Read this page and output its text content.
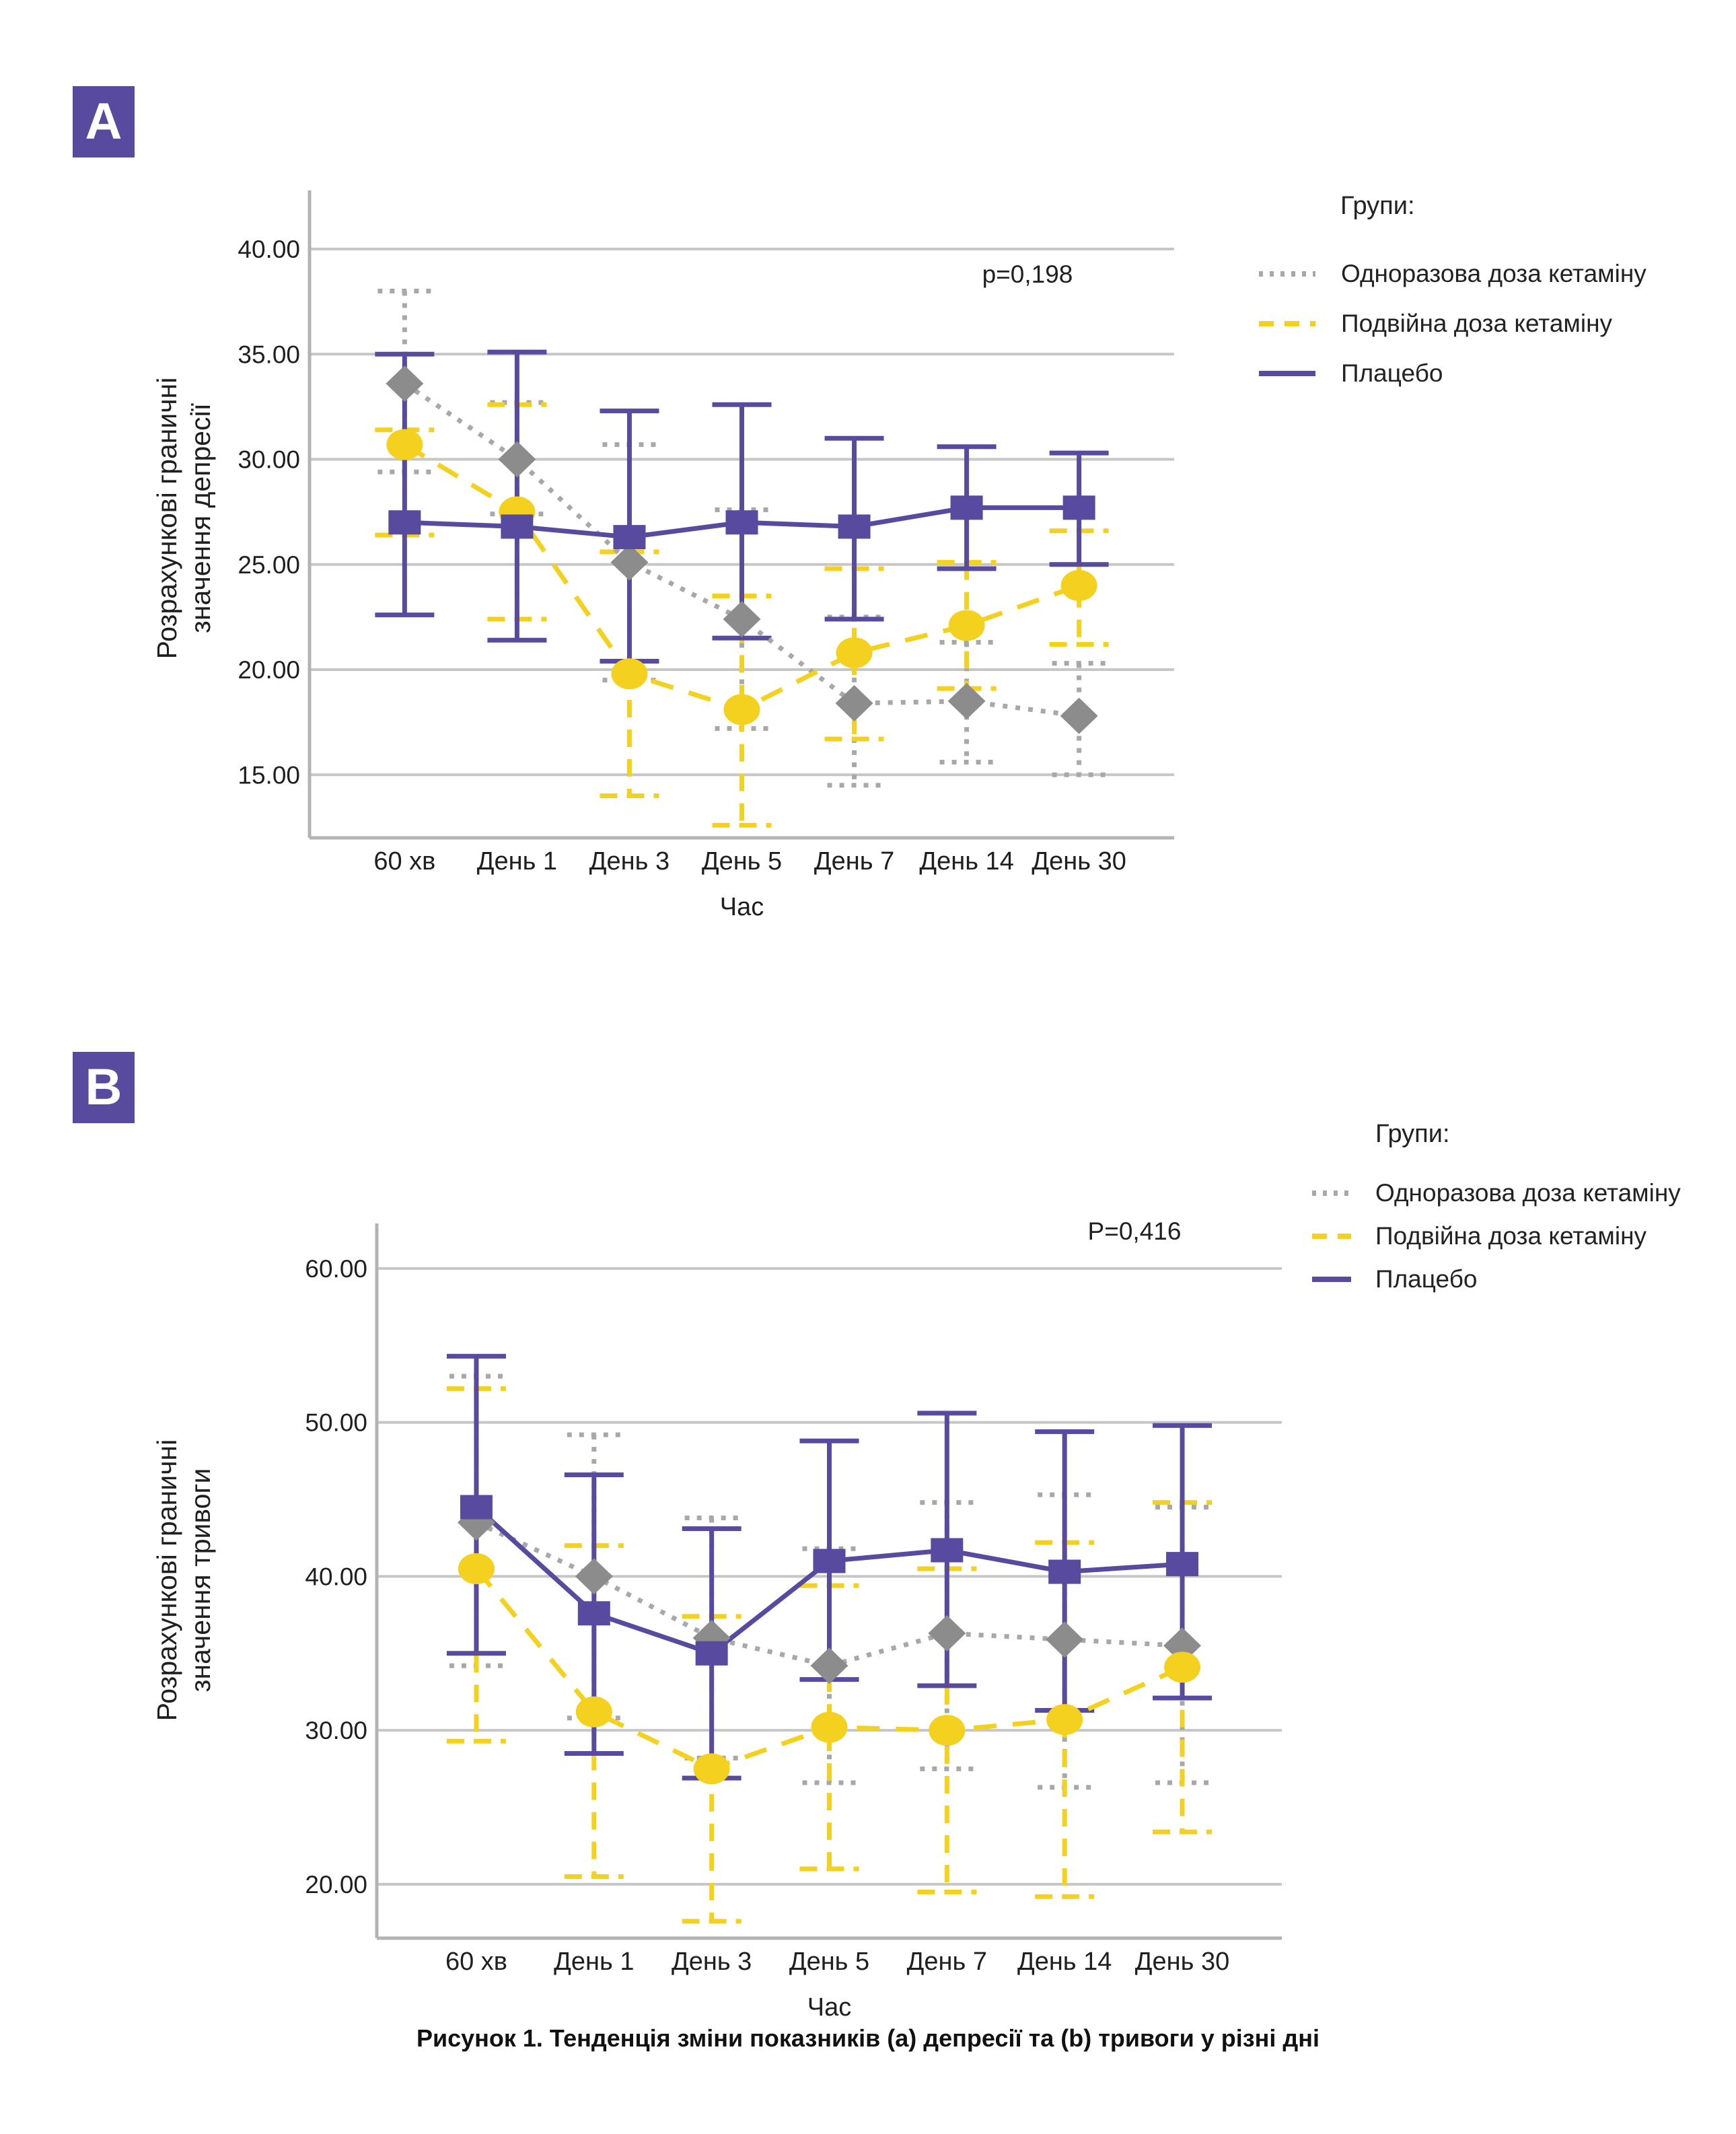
A
15.00
20.00
25.00
30.00
35.00
40.00
60 хв День 1 День 3 День 5 День 7 День 14 День 30
Час
Розрахункові граничні значення депресії
p=0,198
Групи:
Одноразова доза кетаміну
Подвійна доза кетаміну
Плацебо
B
20.00
30.00
40.00
50.00
60.00
60 хв День 1 День 3 День 5 День 7 День 14 День 30
Час
Розрахункові граничні значення тривоги
P=0,416
Групи:
Одноразова доза кетаміну
Подвійна доза кетаміну
Плацебо
Рисунок 1. Тенденція зміни показників (а) депресії та (b) тривоги у різні дні
